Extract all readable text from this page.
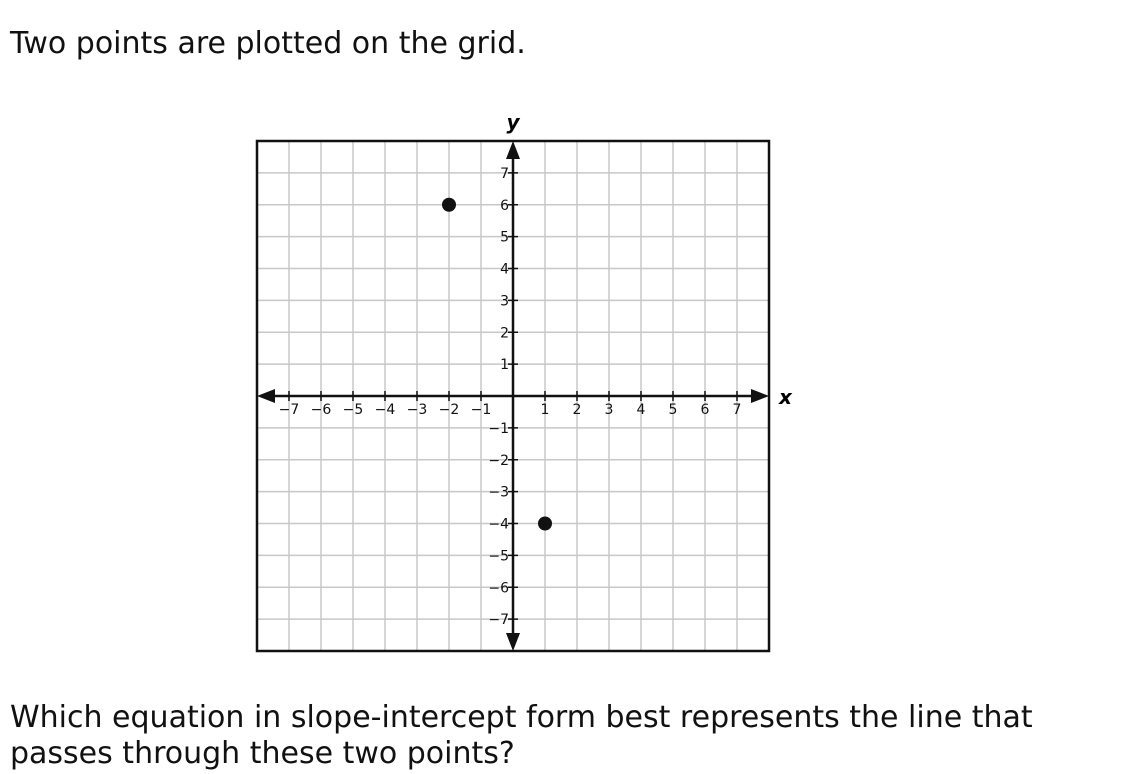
Two points are plotted on the grid.
−7 −6 −5 −4 −3 −2 −1	1 2 3 4 5 6 7
7
6
5
4
3
2
1
−1
−2
−3
−4
−5
−6
−7
x
y

Which equation in slope-intercept form best represents the line that passes through these two points?
